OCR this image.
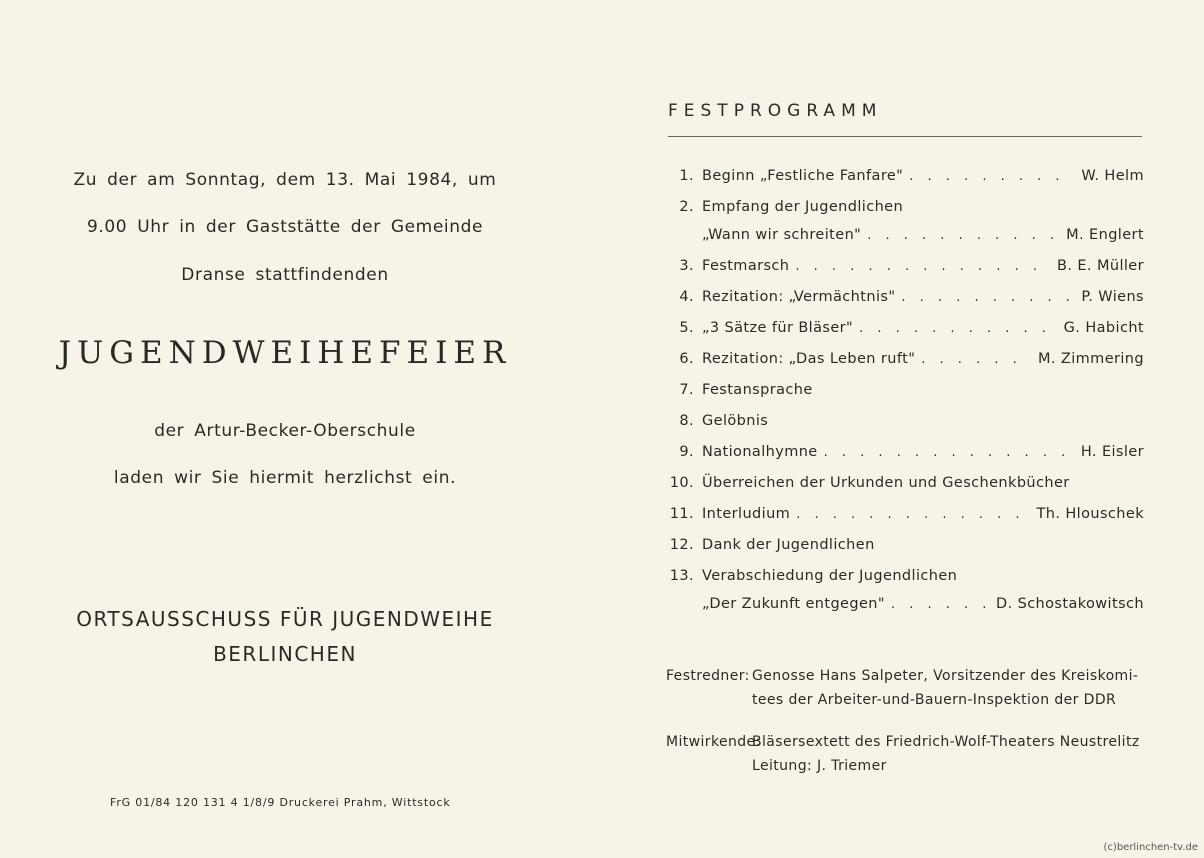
Zu der am Sonntag, dem 13. Mai 1984, um
9.00 Uhr in der Gaststätte der Gemeinde
Dranse stattfindenden
JUGENDWEIHEFEIER
der Artur-Becker-Oberschule
laden wir Sie hiermit herzlichst ein.
ORTSAUSSCHUSS FÜR JUGENDWEIHE
BERLINCHEN
FrG 01/84 120 131 4 1/8/9 Druckerei Prahm, Wittstock
FESTPROGRAMM
1. Beginn „Festliche Fanfare" . . .	W. Helm
2. Empfang der Jugendlichen
„Wann wir schreiten" . . .	M. Englert
3. Festmarsch . . .	B. E. Müller
4. Rezitation: „Vermächtnis" . . .	P. Wiens
5. „3 Sätze für Bläser" . . .	G. Habicht
6. Rezitation: „Das Leben ruft" . . .	M. Zimmering
7. Festansprache
8. Gelöbnis
9. Nationalhymne . . .	H. Eisler
10. Überreichen der Urkunden und Geschenkbücher
11. Interludium . . .	Th. Hlouschek
12. Dank der Jugendlichen
13. Verabschiedung der Jugendlichen
„Der Zukunft entgegen" . . .	D. Schostakowitsch
Festredner: Genosse Hans Salpeter, Vorsitzender des Kreiskomi-
tees der Arbeiter-und-Bauern-Inspektion der DDR
Mitwirkende:
Bläsersextett des Friedrich-Wolf-Theaters Neustrelitz
Leitung: J. Triemer
(c)berlinchen-tv.de
